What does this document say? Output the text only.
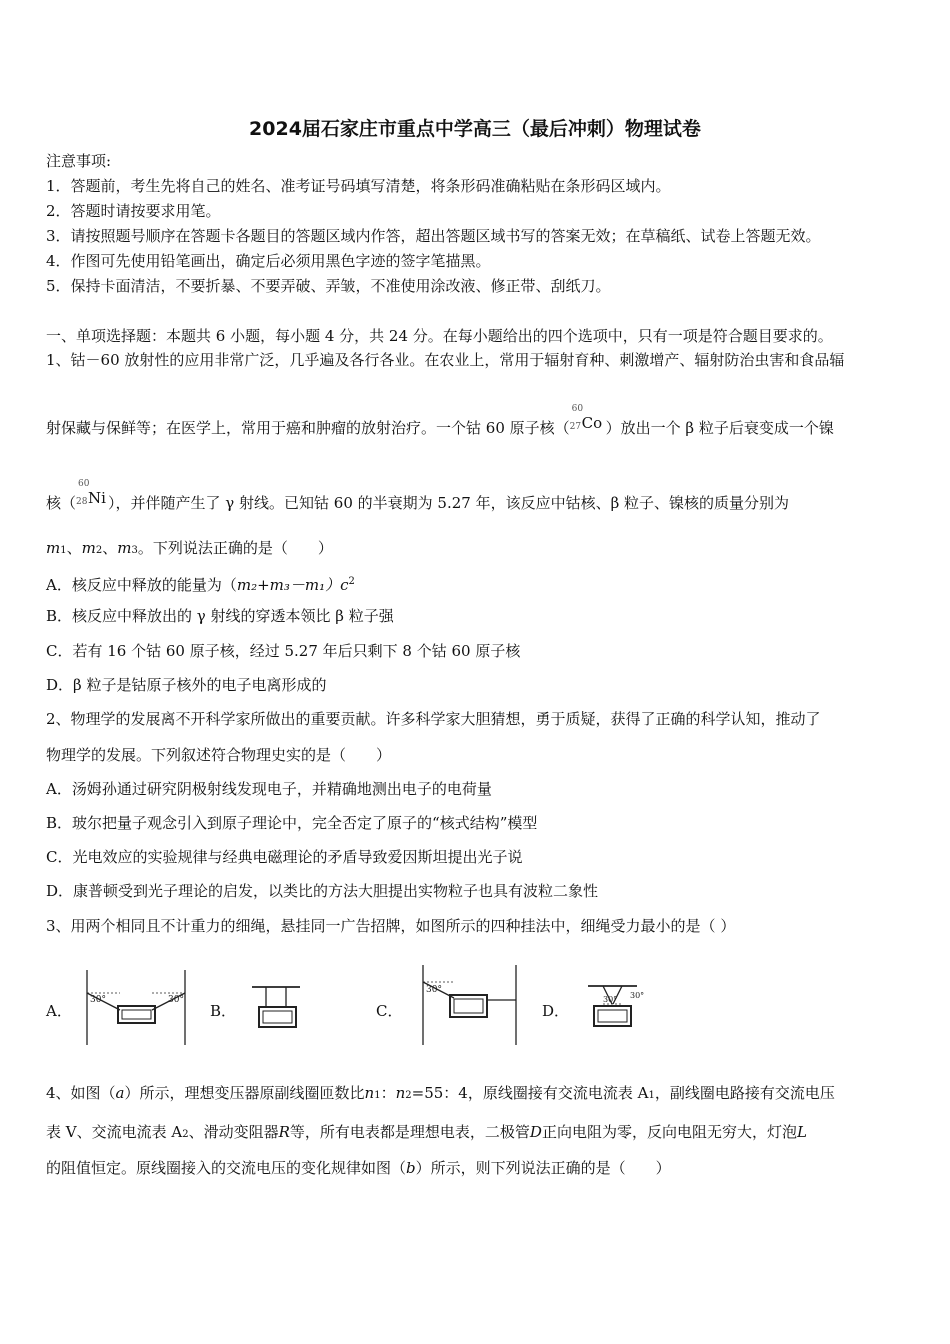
2024届石家庄市重点中学高三（最后冲刺）物理试卷
注意事项:
1．答题前，考生先将自己的姓名、准考证号码填写清楚，将条形码准确粘贴在条形码区域内。
2．答题时请按要求用笔。
3．请按照题号顺序在答题卡各题目的答题区域内作答，超出答题区域书写的答案无效；在草稿纸、试卷上答题无效。
4．作图可先使用铅笔画出，确定后必须用黑色字迹的签字笔描黑。
5．保持卡面清洁，不要折暴、不要弄破、弄皱，不准使用涂改液、修正带、刮纸刀。
一、单项选择题：本题共 6 小题，每小题 4 分，共 24 分。在每小题给出的四个选项中，只有一项是符合题目要求的。
1、钴－60 放射性的应用非常广泛，几乎遍及各行各业。在农业上，常用于辐射育种、刺激增产、辐射防治虫害和食品辐
射保藏与保鲜等；在医学上，常用于癌和肿瘤的放射治疗。一个钴 60 原子核（
60
27 Co ）放出一个 β 粒子后衰变成一个镍
核（
60
28 Ni ），并伴随产生了 γ 射线。已知钴 60 的半衰期为 5.27 年，该反应中钴核、β 粒子、镍核的质量分别为
m1、m2、m3。下列说法正确的是（　　）
A．核反应中释放的能量为$(m_2+m_3-m_1)c^2$
B．核反应中释放出的 γ 射线的穿透本领比 β 粒子强
C．若有 16 个钴 60 原子核，经过 5.27 年后只剩下 8 个钴 60 原子核
D．β 粒子是钴原子核外的电子电离形成的
2、物理学的发展离不开科学家所做出的重要贡献。许多科学家大胆猜想，勇于质疑，获得了正确的科学认知，推动了
物理学的发展。下列叙述符合物理史实的是（　　）
A．汤姆孙通过研究阴极射线发现电子，并精确地测出电子的电荷量
B．玻尔把量子观念引入到原子理论中，完全否定了原子的“核式结构”模型
C．光电效应的实验规律与经典电磁理论的矛盾导致爱因斯坦提出光子说
D．康普顿受到光子理论的启发，以类比的方法大胆提出实物粒子也具有波粒二象性
3、用两个相同且不计重力的细绳，悬挂同一广告招牌，如图所示的四种挂法中，细绳受力最小的是（ ）
A．	B．	C．	D．
30°	30°
30°
30° 30°
4、如图（a）所示，理想变压器原副线圈匝数比n1：n2=55：4，原线圈接有交流电流表 A1，副线圈电路接有交流电压
表 V、交流电流表 A2、滑动变阻器R等，所有电表都是理想电表，二极管D正向电阻为零，反向电阻无穷大，灯泡L
的阻值恒定。原线圈接入的交流电压的变化规律如图（b）所示，则下列说法正确的是（　　）
